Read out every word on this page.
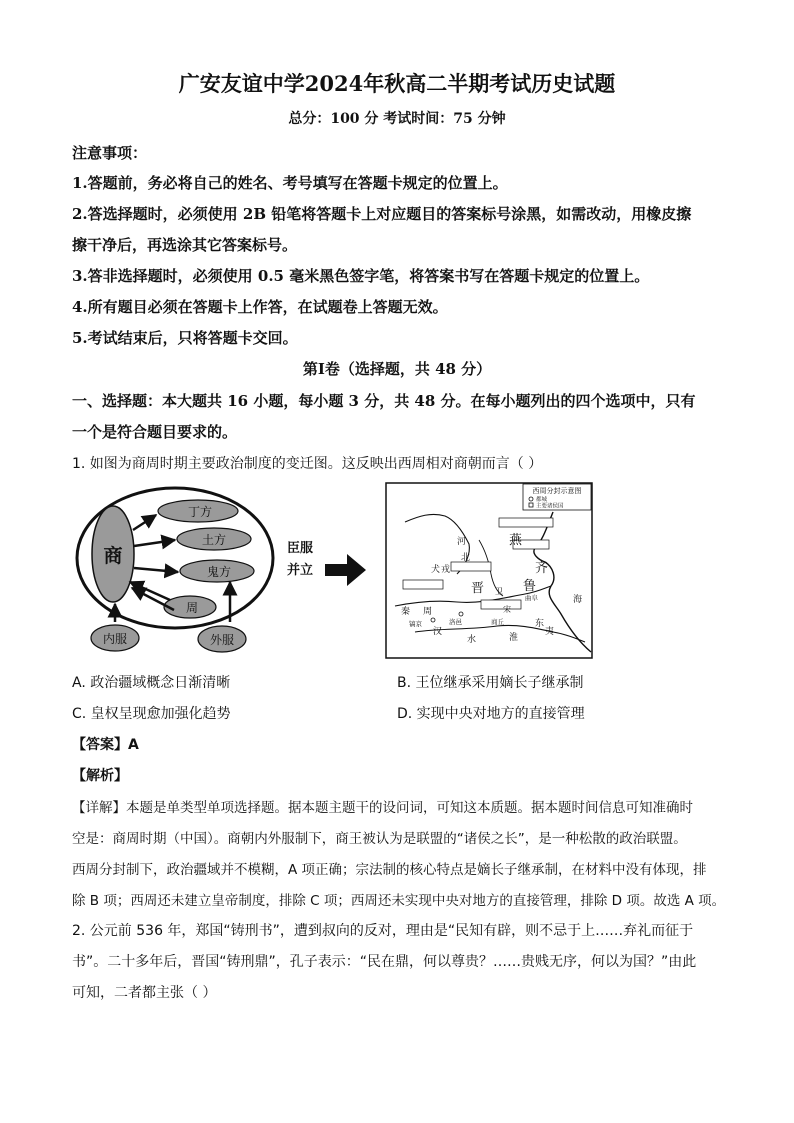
广安友谊中学2024年秋高二半期考试历史试题
总分：100 分 考试时间：75 分钟
注意事项：
1.答题前，务必将自己的姓名、考号填写在答题卡规定的位置上。
2.答选择题时，必须使用 2B 铅笔将答题卡上对应题目的答案标号涂黑，如需改动，用橡皮擦
擦干净后，再选涂其它答案标号。
3.答非选择题时，必须使用 0.5 毫米黑色签字笔，将答案书写在答题卡规定的位置上。
4.所有题目必须在答题卡上作答，在试题卷上答题无效。
5.考试结束后，只将答题卡交回。
第Ⅰ卷（选择题，共 48 分）
一、选择题：本大题共 16 小题，每小题 3 分，共 48 分。在每小题列出的四个选项中，只有
一个是符合题目要求的。
1. 如图为商周时期主要政治制度的变迁图。这反映出西周相对商朝而言（ ）
商
丁方
土方
鬼方
周
内服	外服
臣服
并立
西周分封示意图
都城
主要诸侯国
燕
晋	鲁
齐
宋
卫
秦 周
河
北
犬 戎
海
淮
汉
水
东
夷
镐京	洛邑	商丘
曲阜
A. 政治疆域概念日渐清晰	B. 王位继承采用嫡长子继承制
C. 皇权呈现愈加强化趋势	D. 实现中央对地方的直接管理
【答案】A
【解析】
【详解】本题是单类型单项选择题。据本题主题干的设问词，可知这本质题。据本题时间信息可知准确时
空是：商周时期（中国）。商朝内外服制下，商王被认为是联盟的“诸侯之长”，是一种松散的政治联盟。
西周分封制下，政治疆域并不模糊，A 项正确；宗法制的核心特点是嫡长子继承制，在材料中没有体现，排
除 B 项；西周还未建立皇帝制度，排除 C 项；西周还未实现中央对地方的直接管理，排除 D 项。故选 A 项。
2. 公元前 536 年，郑国“铸刑书”，遭到叔向的反对，理由是“民知有辟，则不忌于上……弃礼而征于
书”。二十多年后，晋国“铸刑鼎”，孔子表示：“民在鼎，何以尊贵？……贵贱无序，何以为国？”由此
可知，二者都主张（ ）
